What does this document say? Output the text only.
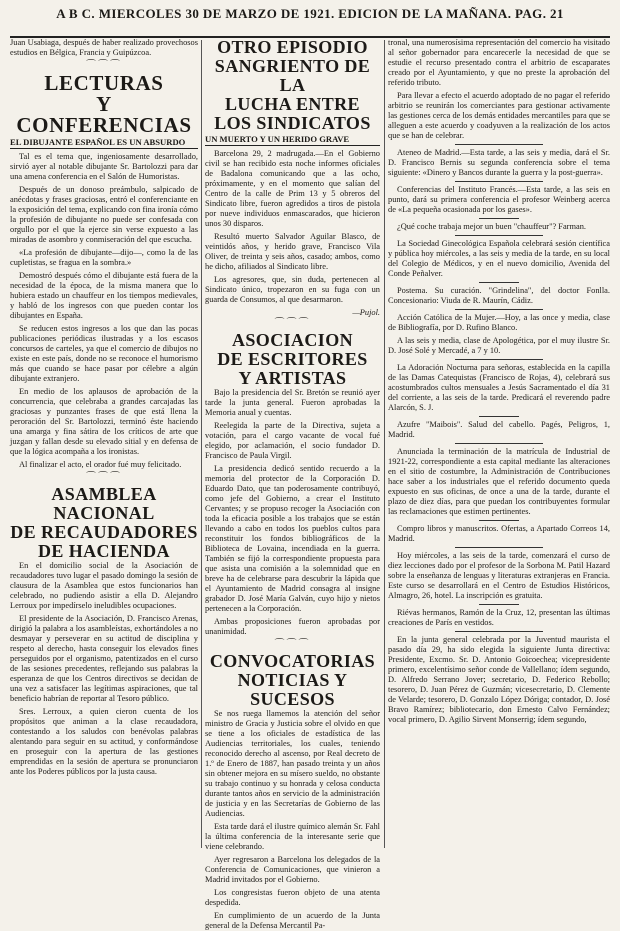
A B C. MIERCOLES 30 DE MARZO DE 1921. EDICION DE LA MAÑANA. PAG. 21

Juan Usabiaga, después de haber realizado provechosos estudios en Bélgica, Francia y Guipúzcoa.

⌒⌒⌒
LECTURAS
Y CONFERENCIAS
EL DIBUJANTE ESPAÑOL ES UN ABSURDO

Tal es el tema que, ingeniosamente desarrollado, sirvió ayer al notable dibujante Sr. Bartolozzi para dar una amena conferencia en el Salón de Humoristas.

Después de un donoso preámbulo, salpicado de anécdotas y frases graciosas, entró el conferenciante en la exposición del tema, explicando con fina ironía cómo la profesión de dibujante no puede ser confesada con orgullo por el que la ejerce sin verse expuesto a las miradas de asombro y conmiseración del que escucha.

«La profesión de dibujante—dijo—, como la de las cupletistas, se fragua en la sombra.»

Demostró después cómo el dibujante está fuera de la necesidad de la época, de la misma manera que lo hubiera estado un chauffeur en los tiempos medievales, y habló de los ingresos con que pueden contar los dibujantes en España.

Se reducen estos ingresos a los que dan las pocas publicaciones periódicas ilustradas y a los escasos concursos de carteles, ya que el comercio de dibujos no existe en este país, donde no se reconoce el humorismo más que cuando se hace pasar por célebre a algún dibujante extranjero.

En medio de los aplausos de aprobación de la concurrencia, que celebraba a grandes carcajadas las graciosas y punzantes frases de que está llena la peroración del Sr. Bartolozzi, terminó éste haciendo una amarga y fina sátira de los críticos de arte que juzgan y fallan desde su elevado sitial y en defensa de que la lógica acompaña a los ironistas.

Al finalizar el acto, el orador fué muy felicitado.

⌒⌒⌒
ASAMBLEA NACIONAL
DE RECAUDADORES
DE HACIENDA

En el domicilio social de la Asociación de recaudadores tuvo lugar el pasado domingo la sesión de clausura de la Asamblea que estos funcionarios han celebrado, no pudiendo asistir a ella D. Alejandro Lerroux por impedírselo ineludibles ocupaciones.

El presidente de la Asociación, D. Francisco Arenas, dirigió la palabra a los asambleístas, exhortándoles a no desmayar y perseverar en su actitud de disciplina y respeto al derecho, hasta conseguir los elevados fines perseguidos por el organismo, patentizados en el curso de las sesiones precedentes, reflejando sus palabras la esperanza de que los Centros directivos se decidan de una vez a satisfacer las legítimas aspiraciones, que tal beneficio habrían de reportar al Tesoro público.

Sres. Lerroux, a quien cieron cuenta de los propósitos que animan a la clase recaudadora, contestando a los saludos con benévolas palabras alentando para seguir en su actitud, y conformándose en proseguir con la apertura de las gestiones emprendidas en la sesión de apertura se pronunciaron ante los Poderes públicos por la justa causa.

OTRO EPISODIO
SANGRIENTO DE LA
LUCHA ENTRE
LOS SINDICATOS
UN MUERTO Y UN HERIDO GRAVE

Barcelona 29, 2 madrugada.—En el Gobierno civil se han recibido esta noche informes oficiales de Badalona comunicando que a las ocho, próximamente, y en el momento que salían del Centro de la calle de Prim 13 y 5 obreros del Sindicato libre, fueron agredidos a tiros de pistola por nueve individuos enmascarados, que hicieron unos 30 disparos.

Resultó muerto Salvador Aguilar Blasco, de veintidós años, y herido grave, Francisco Vila Oliver, de treinta y seis años, casado; ambos, como he dicho, afiliados al Sindicato libre.

Los agresores, que, sin duda, pertenecen al Sindicato único, tropezaron en su fuga con un guarda de Consumos, al que desarmaron.

—Pujol.
⌒⌒⌒
ASOCIACION
DE ESCRITORES
Y ARTISTAS

Bajo la presidencia del Sr. Bretón se reunió ayer tarde la junta general. Fueron aprobadas la Memoria anual y cuentas.

Reelegida la parte de la Directiva, sujeta a votación, para el cargo vacante de vocal fué elegido, por aclamación, el socio fundador D. Francisco de Paula Virgil.

La presidencia dedicó sentido recuerdo a la memoria del protector de la Corporación D. Eduardo Dato, que tan poderosamente contribuyó, como jefe del Gobierno, a crear el Instituto Cervantes; y se propuso recoger la Asociación con toda la eficacia posible a los trabajos que se están llevando a cabo en todos los pueblos cultos para reconstituir los fondos bibliográficos de la Biblioteca de Lovaina, incendiada en la guerra. También se fijó la correspondiente propuesta para que asista una comisión a la solemnidad que en breve ha de celebrarse para descubrir la lápida que el Ayuntamiento de Madrid consagra al insigne grabador D. José María Galván, cuyo hijo y nietos pertenecen a la Corporación.

Ambas proposiciones fueron aprobadas por unanimidad.

⌒⌒⌒
CONVOCATORIAS
NOTICIAS Y SUCESOS

Se nos ruega llamemos la atención del señor ministro de Gracia y Justicia sobre el olvido en que se tiene a los oficiales de estadística de las Audiencias territoriales, los cuales, teniendo reconocido derecho al ascenso, por Real decreto de 1.º de Enero de 1887, han pasado treinta y un años sin obtener mejora en su mísero sueldo, no obstante su trabajo continuo y su honrada y celosa conducta durante tantos años en servicio de la administración de justicia y en las Secretarías de Gobierno de las Audiencias.

Esta tarde dará el ilustre químico alemán Sr. Fahl la última conferencia de la interesante serie que viene celebrando.

Ayer regresaron a Barcelona los delegados de la Conferencia de Comunicaciones, que vinieron a Madrid invitados por el Gobierno.

Los congresistas fueron objeto de una atenta despedida.

En cumplimiento de un acuerdo de la Junta general de la Defensa Mercantil Pa-

tronal, una numerosísima representación del comercio ha visitado al señor gobernador para encarecerle la necesidad de que se estudie el recurso presentado contra el arbitrio de escaparates creado por el Ayuntamiento, y que no preste la aprobación del referido tributo.

Para llevar a efecto el acuerdo adoptado de no pagar el referido arbitrio se reunirán los comerciantes para gestionar activamente las gestiones cerca de los demás entidades mercantiles para que se alleguen a este acuerdo y coadyuven a la realización de los actos que se han de celebrar.

Ateneo de Madrid.—Esta tarde, a las seis y media, dará el Sr. D. Francisco Bernis su segunda conferencia sobre el tema siguiente: «Dinero y Bancos durante la guerra y la post-guerra».

Conferencias del Instituto Francés.—Esta tarde, a las seis en punto, dará su primera conferencia el profesor Weinberg acerca de «La pequeña ocasionada por los gases».

¿Qué coche trabaja mejor un buen "chauffeur"? Farman.

La Sociedad Ginecológica Española celebrará sesión científica y pública hoy miércoles, a las seis y media de la tarde, en su local del Colegio de Médicos, y en el nuevo domicilio, Avenida del Conde Peñalver.

Postema. Su curación. "Grindelina", del doctor Fonlla. Concesionario: Viuda de R. Maurín, Cádiz.

Acción Católica de la Mujer.—Hoy, a las once y media, clase de Bibliografía, por D. Rufino Blanco.

A las seis y media, clase de Apologética, por el muy ilustre Sr. D. José Solé y Mercadé, a 7 y 10.

La Adoración Nocturna para señoras, establecida en la capilla de las Damas Catequistas (Francisco de Rojas, 4), celebrará sus acostumbrados cultos mensuales a Jesús Sacramentado el día 31 del corriente, a las seis de la tarde. Predicará el reverendo padre Alarcón, S. J.

Azufre "Maibois". Salud del cabello. Pagés, Peligros, 1, Madrid.

Anunciada la terminación de la matrícula de Industrial de 1921-22, correspondiente a esta capital mediante las alteraciones en el sitio de costumbre, la Administración de Contribuciones hace saber a los industriales que el referido documento queda expuesto en sus oficinas, de once a una de la tarde, durante el plazo de diez días, para que puedan los contribuyentes formular las reclamaciones que estimen pertinentes.

Compro libros y manuscritos. Ofertas, a Apartado Correos 14, Madrid.

Hoy miércoles, a las seis de la tarde, comenzará el curso de diez lecciones dado por el profesor de la Sorbona M. Patil Hazard sobre la enseñanza de lenguas y literaturas extranjeras en Francia. Este curso se desarrollará en el Centro de Estudios Históricos, Almagro, 26, hotel. La inscripción es gratuita.

Riévas hermanos, Ramón de la Cruz, 12, presentan las últimas creaciones de París en vestidos.

En la junta general celebrada por la Juventud maurista el pasado día 29, ha sido elegida la siguiente Junta directiva: Presidente, Excmo. Sr. D. Antonio Goicoechea; vicepresidente primero, excelentísimo señor conde de Vallellano; ídem segundo, D. Alfredo Serrano Jover; secretario, D. Federico Rebollo; tesorero, D. Juan Pérez de Guzmán; vicesecretario, D. Clemente de Velarde; tesorero, D. Gonzalo López Dóriga; contador, D. José Bravo Ramírez; bibliotecario, don Ernesto Calvo Fernández; vocal primero, D. Agilio Sirvent Monserrig; ídem segundo,
